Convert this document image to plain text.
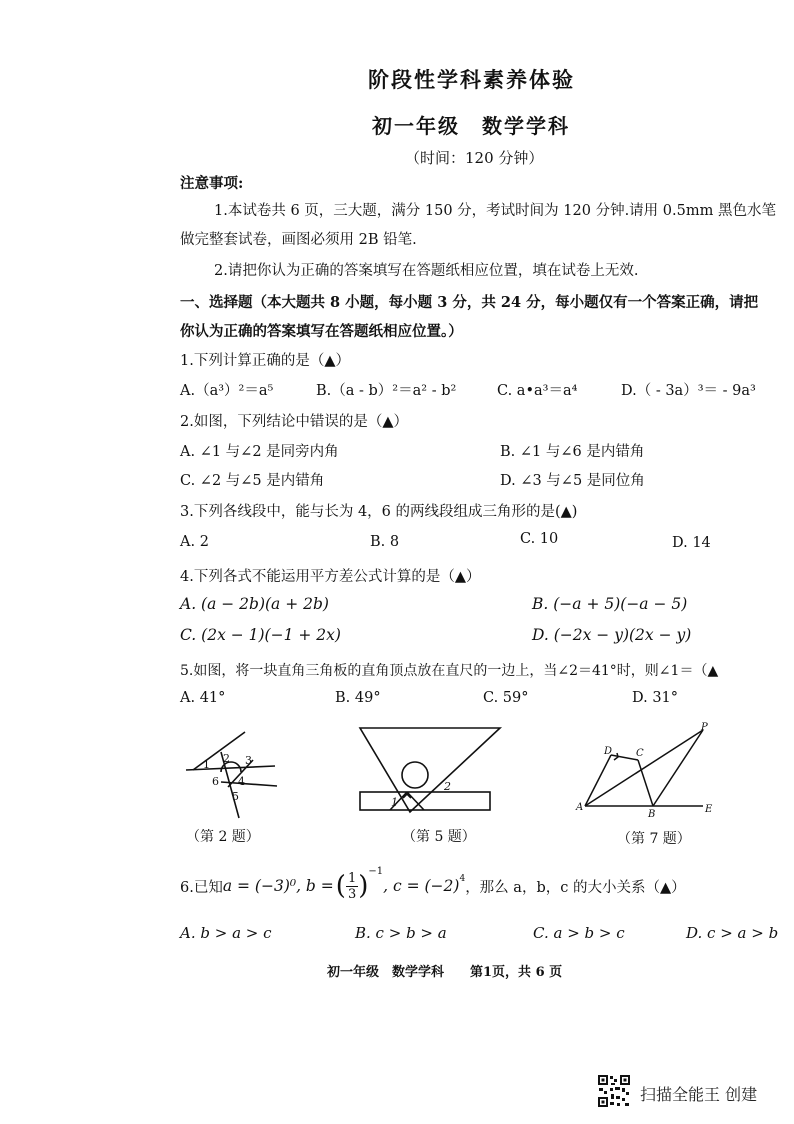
阶段性学科素养体验
初一年级　数学学科
（时间：120 分钟）
注意事项:
1.本试卷共 6 页，三大题，满分 150 分，考试时间为 120 分钟.请用 0.5mm 黑色水笔
做完整套试卷，画图必须用 2B 铅笔.
2.请把你认为正确的答案填写在答题纸相应位置，填在试卷上无效.
一、选择题（本大题共 8 小题，每小题 3 分，共 24 分，每小题仅有一个答案正确，请把
你认为正确的答案填写在答题纸相应位置。）
1.下列计算正确的是（▲）
A.（a³）²＝a⁵	B.（a - b）²＝a² - b²	C. a•a³＝a⁴	D.（ - 3a）³＝ - 9a³
2.如图，下列结论中错误的是（▲）
A. ∠1 与∠2 是同旁内角	B. ∠1 与∠6 是内错角
C. ∠2 与∠5 是内错角	D. ∠3 与∠5 是同位角
3.下列各线段中，能与长为 4，6 的两线段组成三角形的是(▲)
A. 2	B. 8	C. 10	D. 14
4.下列各式不能运用平方差公式计算的是（▲）
A. (a − 2b)(a + 2b)	B. (−a + 5)(−a − 5)
C. (2x − 1)(−1 + 2x)	D. (−2x − y)(2x − y)
5.如图，将一块直角三角板的直角顶点放在直尺的一边上，当∠2＝41°时，则∠1＝（▲
A. 41°	B. 49°	C. 59°	D. 31°
1 2 3
4
6
5
（第 2 题）
1
2
（第 5 题）
P
D C
A
B	E
（第 7 题）
6.已知 a = (−3)⁰, b = ( $\frac{1}{3}$ ) −1
, c = (−2) 4
，那么 a，b，c 的大小关系（▲）
A. b > a > c	B. c > b > a	C. a > b > c	D. c > a > b
初一年级　数学学科　　第1页，共 6 页
扫描全能王 创建
